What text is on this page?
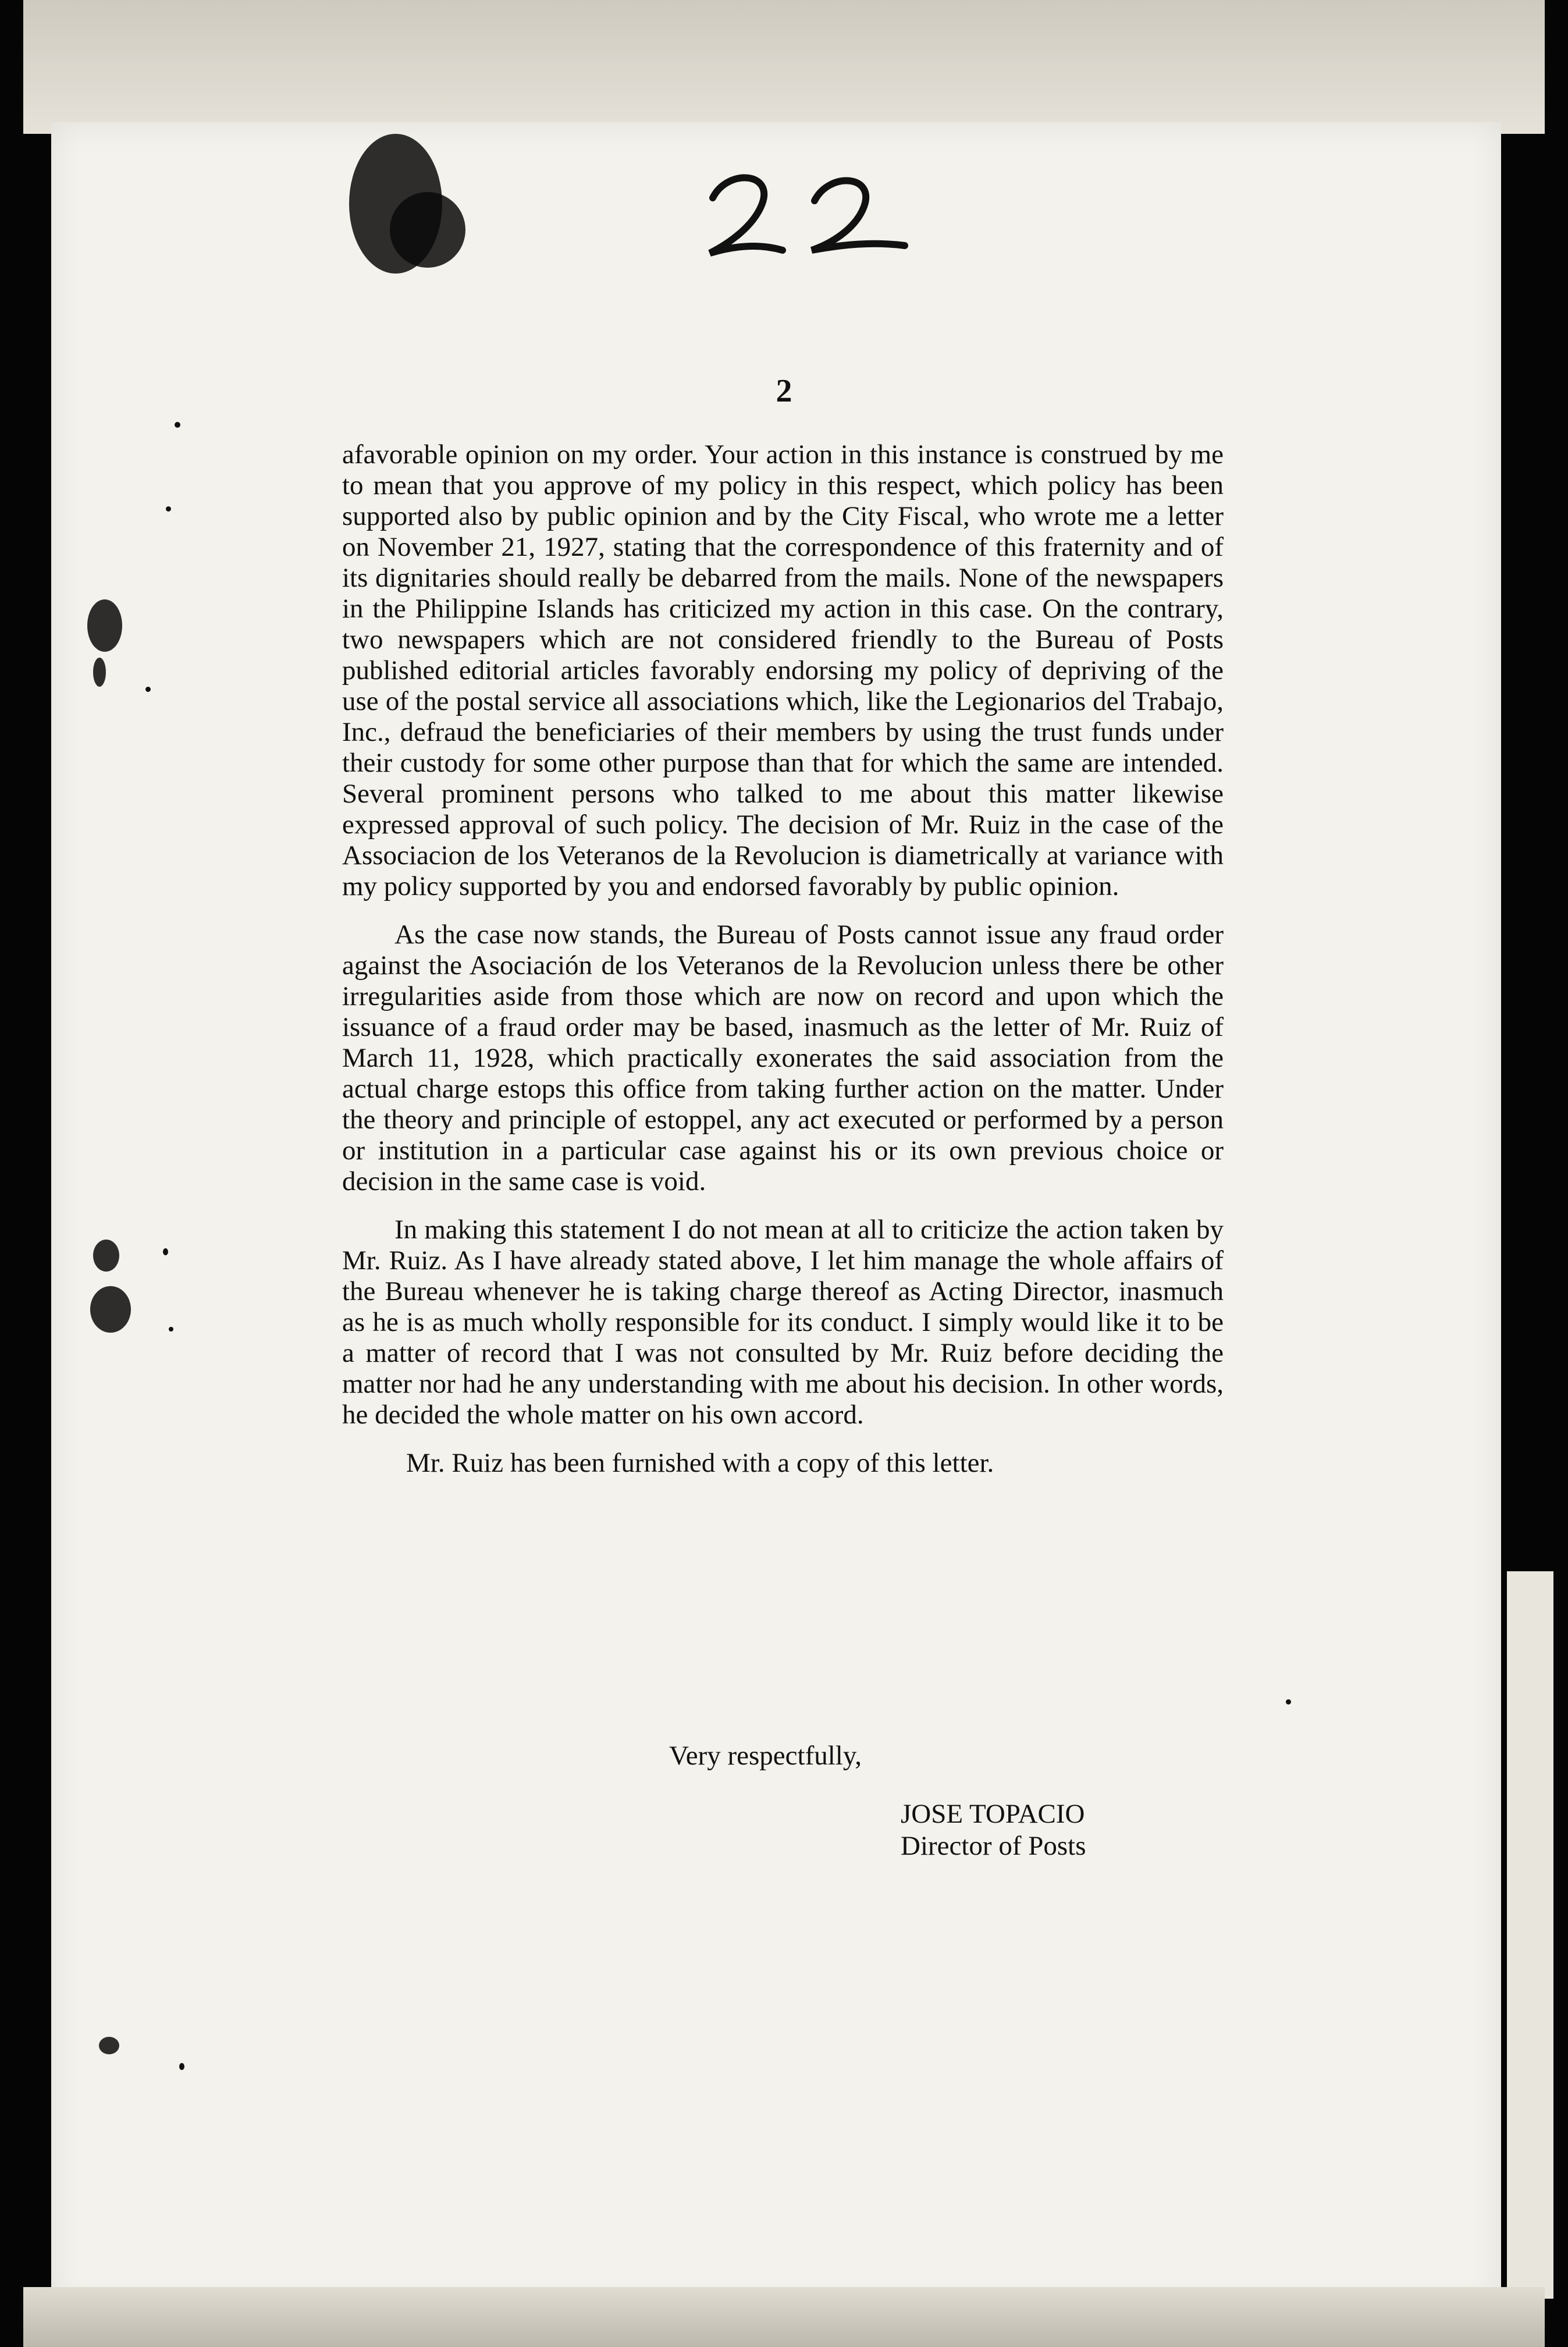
22
2

afavorable opinion on my order. Your action in this instance is construed by me to mean that you approve of my policy in this respect, which policy has been supported also by public opinion and by the City Fiscal, who wrote me a letter on November 21, 1927, stating that the correspondence of this fraternity and of its dignitaries should really be debarred from the mails. None of the newspapers in the Philippine Islands has criticized my action in this case. On the contrary, two newspapers which are not considered friendly to the Bureau of Posts published editorial articles favorably endorsing my policy of depriving of the use of the postal service all associations which, like the Legionarios del Trabajo, Inc., defraud the beneficiaries of their members by using the trust funds under their custody for some other purpose than that for which the same are intended. Several prominent persons who talked to me about this matter likewise expressed approval of such policy. The decision of Mr. Ruiz in the case of the Associacion de los Veteranos de la Revolucion is diametrically at variance with my policy supported by you and endorsed favorably by public opinion.

As the case now stands, the Bureau of Posts cannot issue any fraud order against the Asociación de los Veteranos de la Revolucion unless there be other irregularities aside from those which are now on record and upon which the issuance of a fraud order may be based, inasmuch as the letter of Mr. Ruiz of March 11, 1928, which practically exonerates the said association from the actual charge estops this office from taking further action on the matter. Under the theory and principle of estoppel, any act executed or performed by a person or institution in a particular case against his or its own previous choice or decision in the same case is void.

In making this statement I do not mean at all to criticize the action taken by Mr. Ruiz. As I have already stated above, I let him manage the whole affairs of the Bureau whenever he is taking charge thereof as Acting Director, inasmuch as he is as much wholly responsible for its conduct. I simply would like it to be a matter of record that I was not consulted by Mr. Ruiz before deciding the matter nor had he any understanding with me about his decision. In other words, he decided the whole matter on his own accord.

Mr. Ruiz has been furnished with a copy of this letter.

Very respectfully,
JOSE TOPACIO
Director of Posts
